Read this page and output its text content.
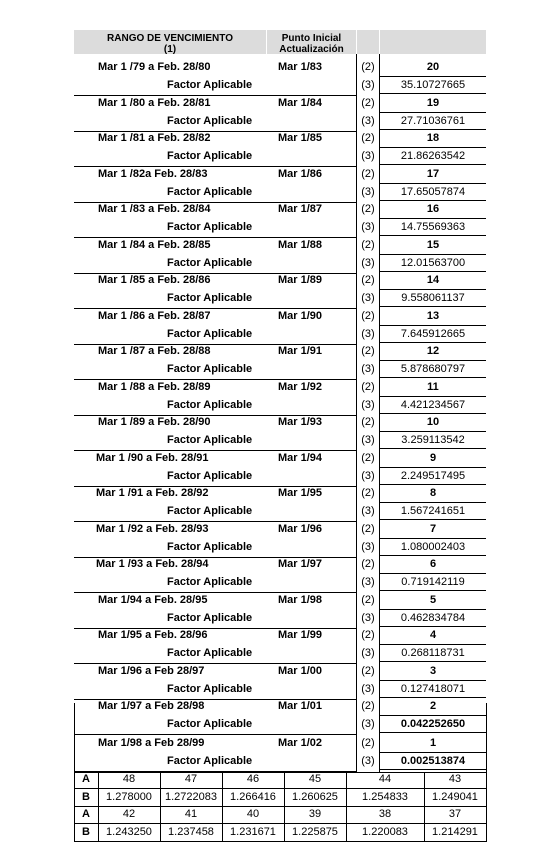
RANGO DE VENCIMIENTO
(1)
Punto Inicial
Actualización
Mar 1 /79 a Feb. 28/80	Mar 1/83	(2)	20
Factor Aplicable	(3)	35.10727665
Mar 1 /80 a Feb. 28/81	Mar 1/84	(2)	19
Factor Aplicable	(3)	27.71036761
Mar 1 /81 a Feb. 28/82	Mar 1/85	(2)	18
Factor Aplicable	(3)	21.86263542
Mar 1 /82a Feb. 28/83	Mar 1/86	(2)	17
Factor Aplicable	(3)	17.65057874
Mar 1 /83 a Feb. 28/84	Mar 1/87	(2)	16
Factor Aplicable	(3)	14.75569363
Mar 1 /84 a Feb. 28/85	Mar 1/88	(2)	15
Factor Aplicable	(3)	12.01563700
Mar 1 /85 a Feb. 28/86	Mar 1/89	(2)	14
Factor Aplicable	(3)	9.558061137
Mar 1 /86 a Feb. 28/87	Mar 1/90	(2)	13
Factor Aplicable	(3)	7.645912665
Mar 1 /87 a Feb. 28/88	Mar 1/91	(2)	12
Factor Aplicable	(3)	5.878680797
Mar 1 /88 a Feb. 28/89	Mar 1/92	(2)	11
Factor Aplicable	(3)	4.421234567
Mar 1 /89 a Feb. 28/90	Mar 1/93	(2)	10
Factor Aplicable	(3)	3.259113542
Mar 1 /90 a Feb. 28/91	Mar 1/94	(2)	9
Factor Aplicable	(3)	2.249517495
Mar 1 /91 a Feb. 28/92	Mar 1/95	(2)	8
Factor Aplicable	(3)	1.567241651
Mar 1 /92 a Feb. 28/93	Mar 1/96	(2)	7
Factor Aplicable	(3)	1.080002403
Mar 1 /93 a Feb. 28/94	Mar 1/97	(2)	6
Factor Aplicable	(3)	0.719142119
Mar 1/94 a Feb. 28/95	Mar 1/98	(2)	5
Factor Aplicable	(3)	0.462834784
Mar 1/95 a Feb. 28/96	Mar 1/99	(2)	4
Factor Aplicable	(3)	0.268118731
Mar 1/96 a Feb 28/97	Mar 1/00	(2)	3
Factor Aplicable	(3)	0.127418071
Mar 1/97 a Feb 28/98	Mar 1/01	(2)	2
Factor Aplicable	(3)	0.042252650
Mar 1/98 a Feb 28/99	Mar 1/02	(2)	1
Factor Aplicable	(3)	0.002513874
A	48	47	46	45	44	43
B	1.278000	1.2722083	1.266416	1.260625	1.254833	1.249041
A	42	41	40	39	38	37
B	1.243250	1.237458	1.231671	1.225875	1.220083	1.214291
